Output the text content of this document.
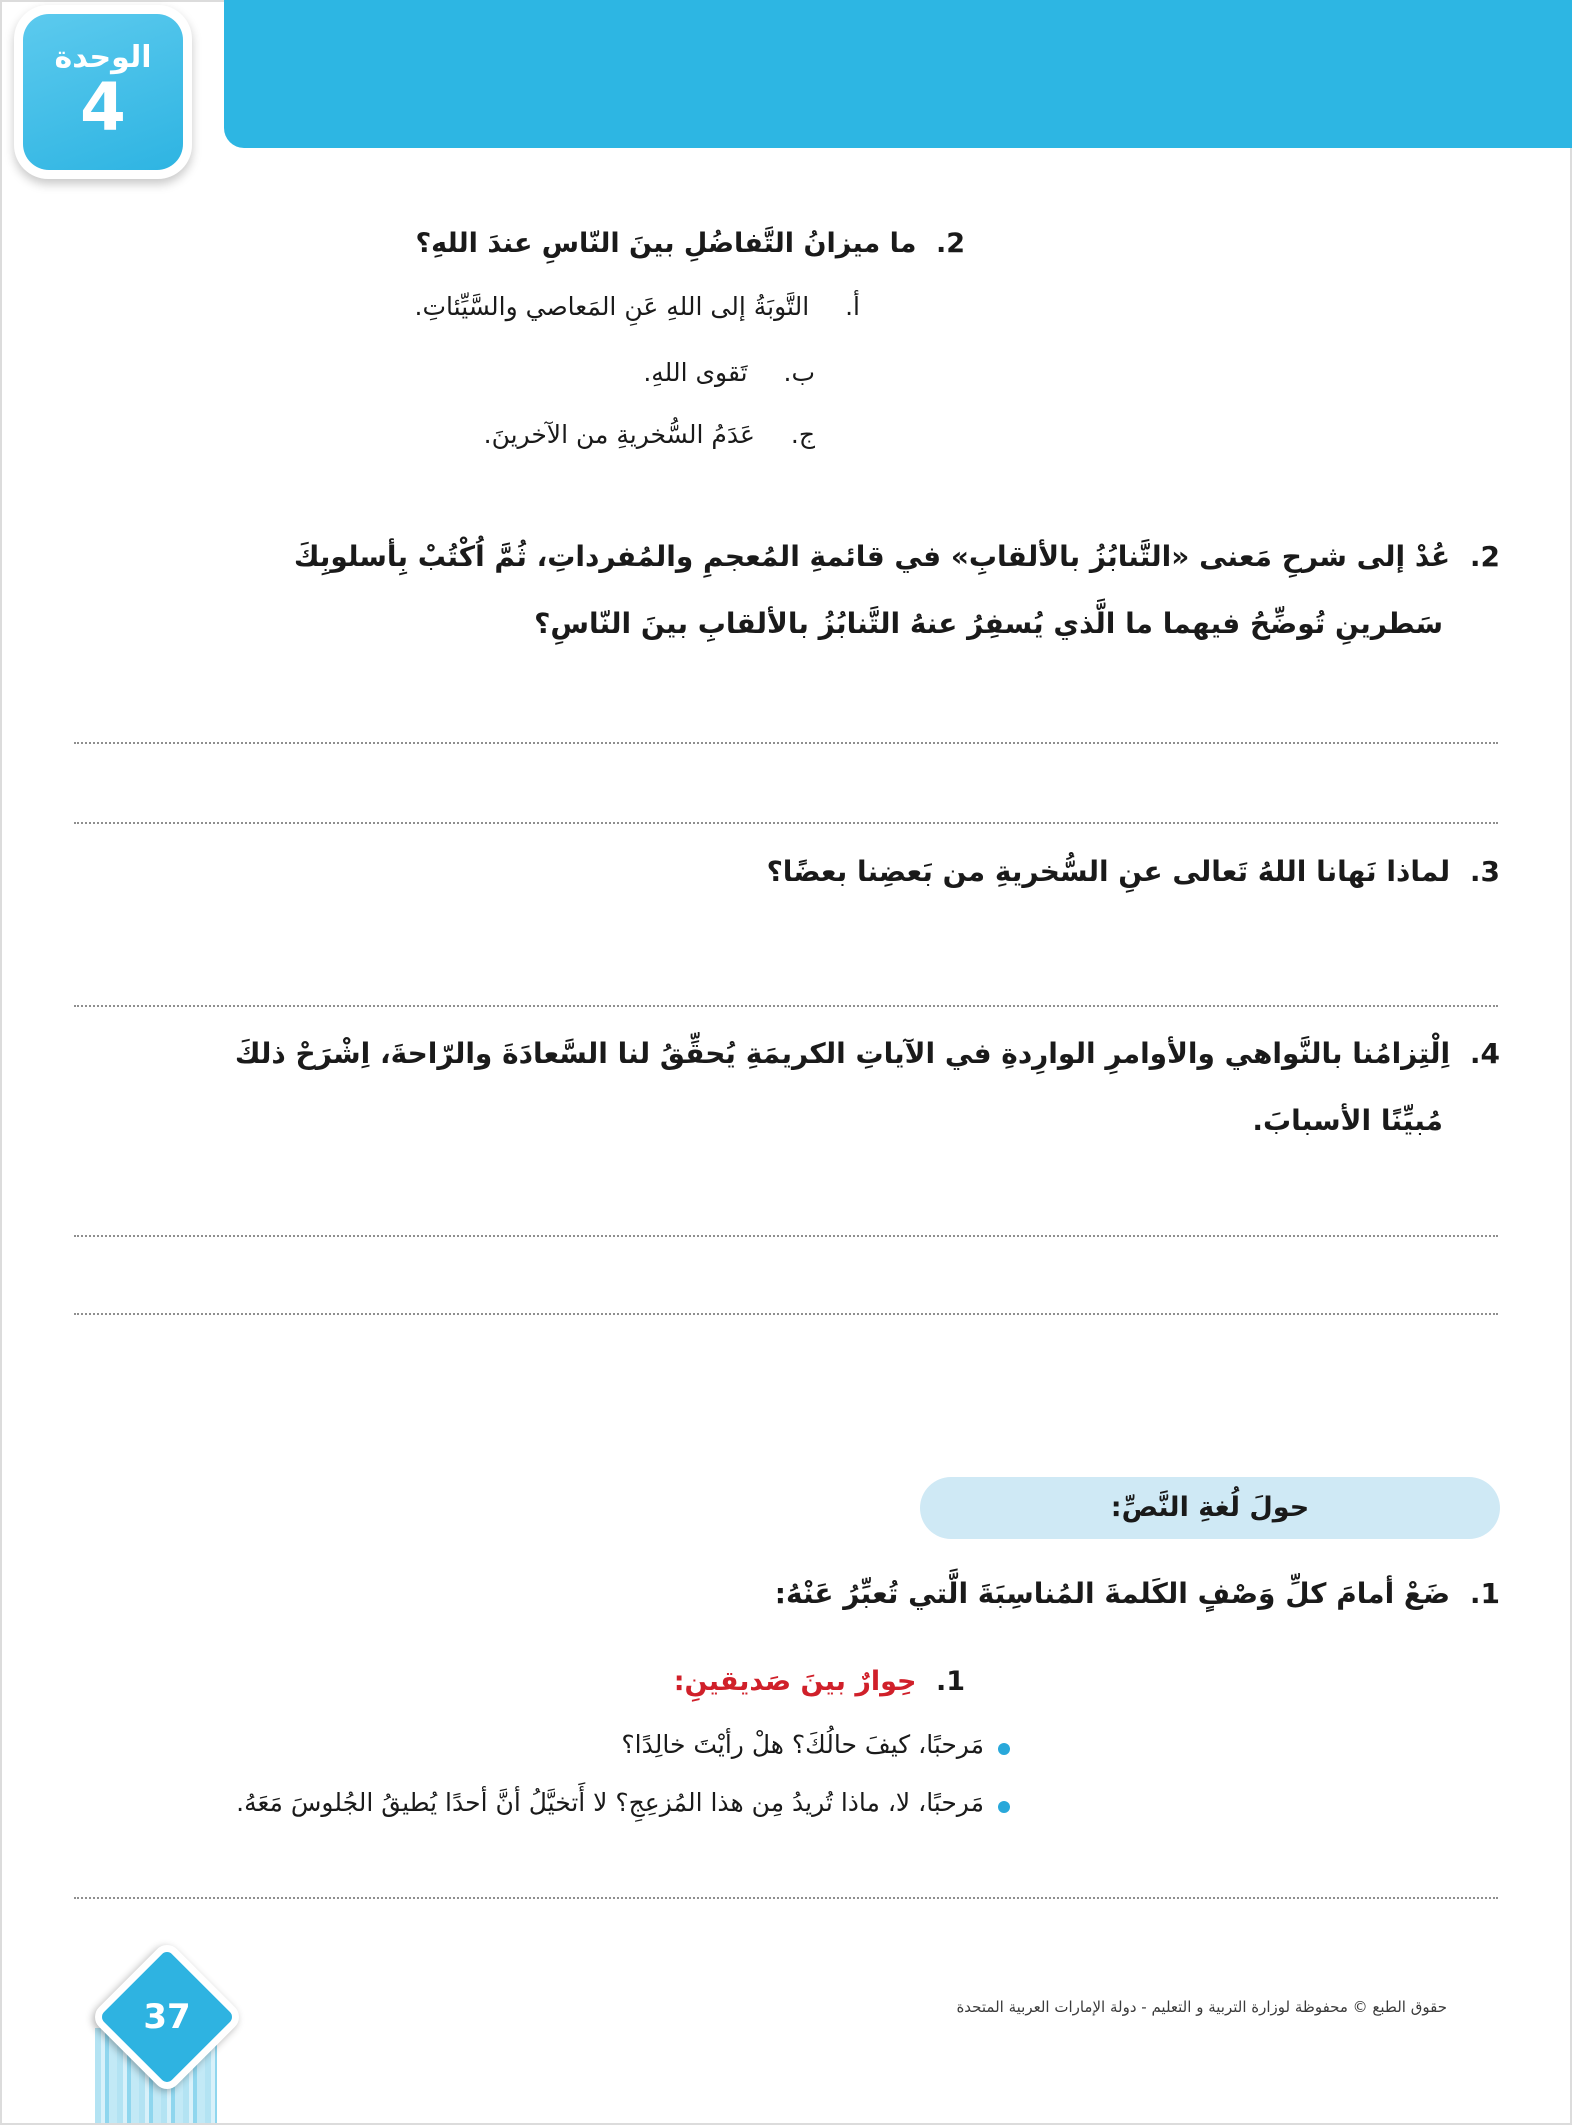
الوحدة
4
2. ما ميزانُ التَّفاضُلِ بينَ النّاسِ عندَ اللهِ؟
أ. التَّوبَةُ إلى اللهِ عَنِ المَعاصي والسَّيِّئاتِ.
ب. تَقوى اللهِ.
ج. عَدَمُ السُّخريةِ من الآخرينَ.
2. عُدْ إلى شرحِ مَعنى «التَّنابُزُ بالألقابِ» في قائمةِ المُعجمِ والمُفرداتِ، ثُمَّ اُكْتُبْ بِأسلوبِكَ
سَطرينِ تُوضِّحُ فيهما ما الَّذي يُسفِرُ عنهُ التَّنابُزُ بالألقابِ بينَ النّاسِ؟
3. لماذا نَهانا اللهُ تَعالى عنِ السُّخريةِ من بَعضِنا بعضًا؟
4. اِلْتِزامُنا بالنَّواهي والأوامرِ الوارِدةِ في الآياتِ الكريمَةِ يُحقِّقُ لنا السَّعادَةَ والرّاحةَ، اِشْرَحْ ذلكَ
مُبيِّنًا الأسبابَ.
حولَ لُغةِ النَّصِّ:
1. ضَعْ أمامَ كلِّ وَصْفٍ الكَلمةَ المُناسِبَةَ الَّتي تُعبِّرُ عَنْهُ:
1. حِوارٌ بينَ صَديقينِ:
مَرحبًا، كيفَ حالُكَ؟ هلْ رأيْتَ خالِدًا؟
مَرحبًا، لا، ماذا تُريدُ مِن هذا المُزعِجِ؟ لا أَتخيَّلُ أنَّ أحدًا يُطيقُ الجُلوسَ مَعَهُ.
37	حقوق الطبع © محفوظة لوزارة التربية و التعليم - دولة الإمارات العربية المتحدة
